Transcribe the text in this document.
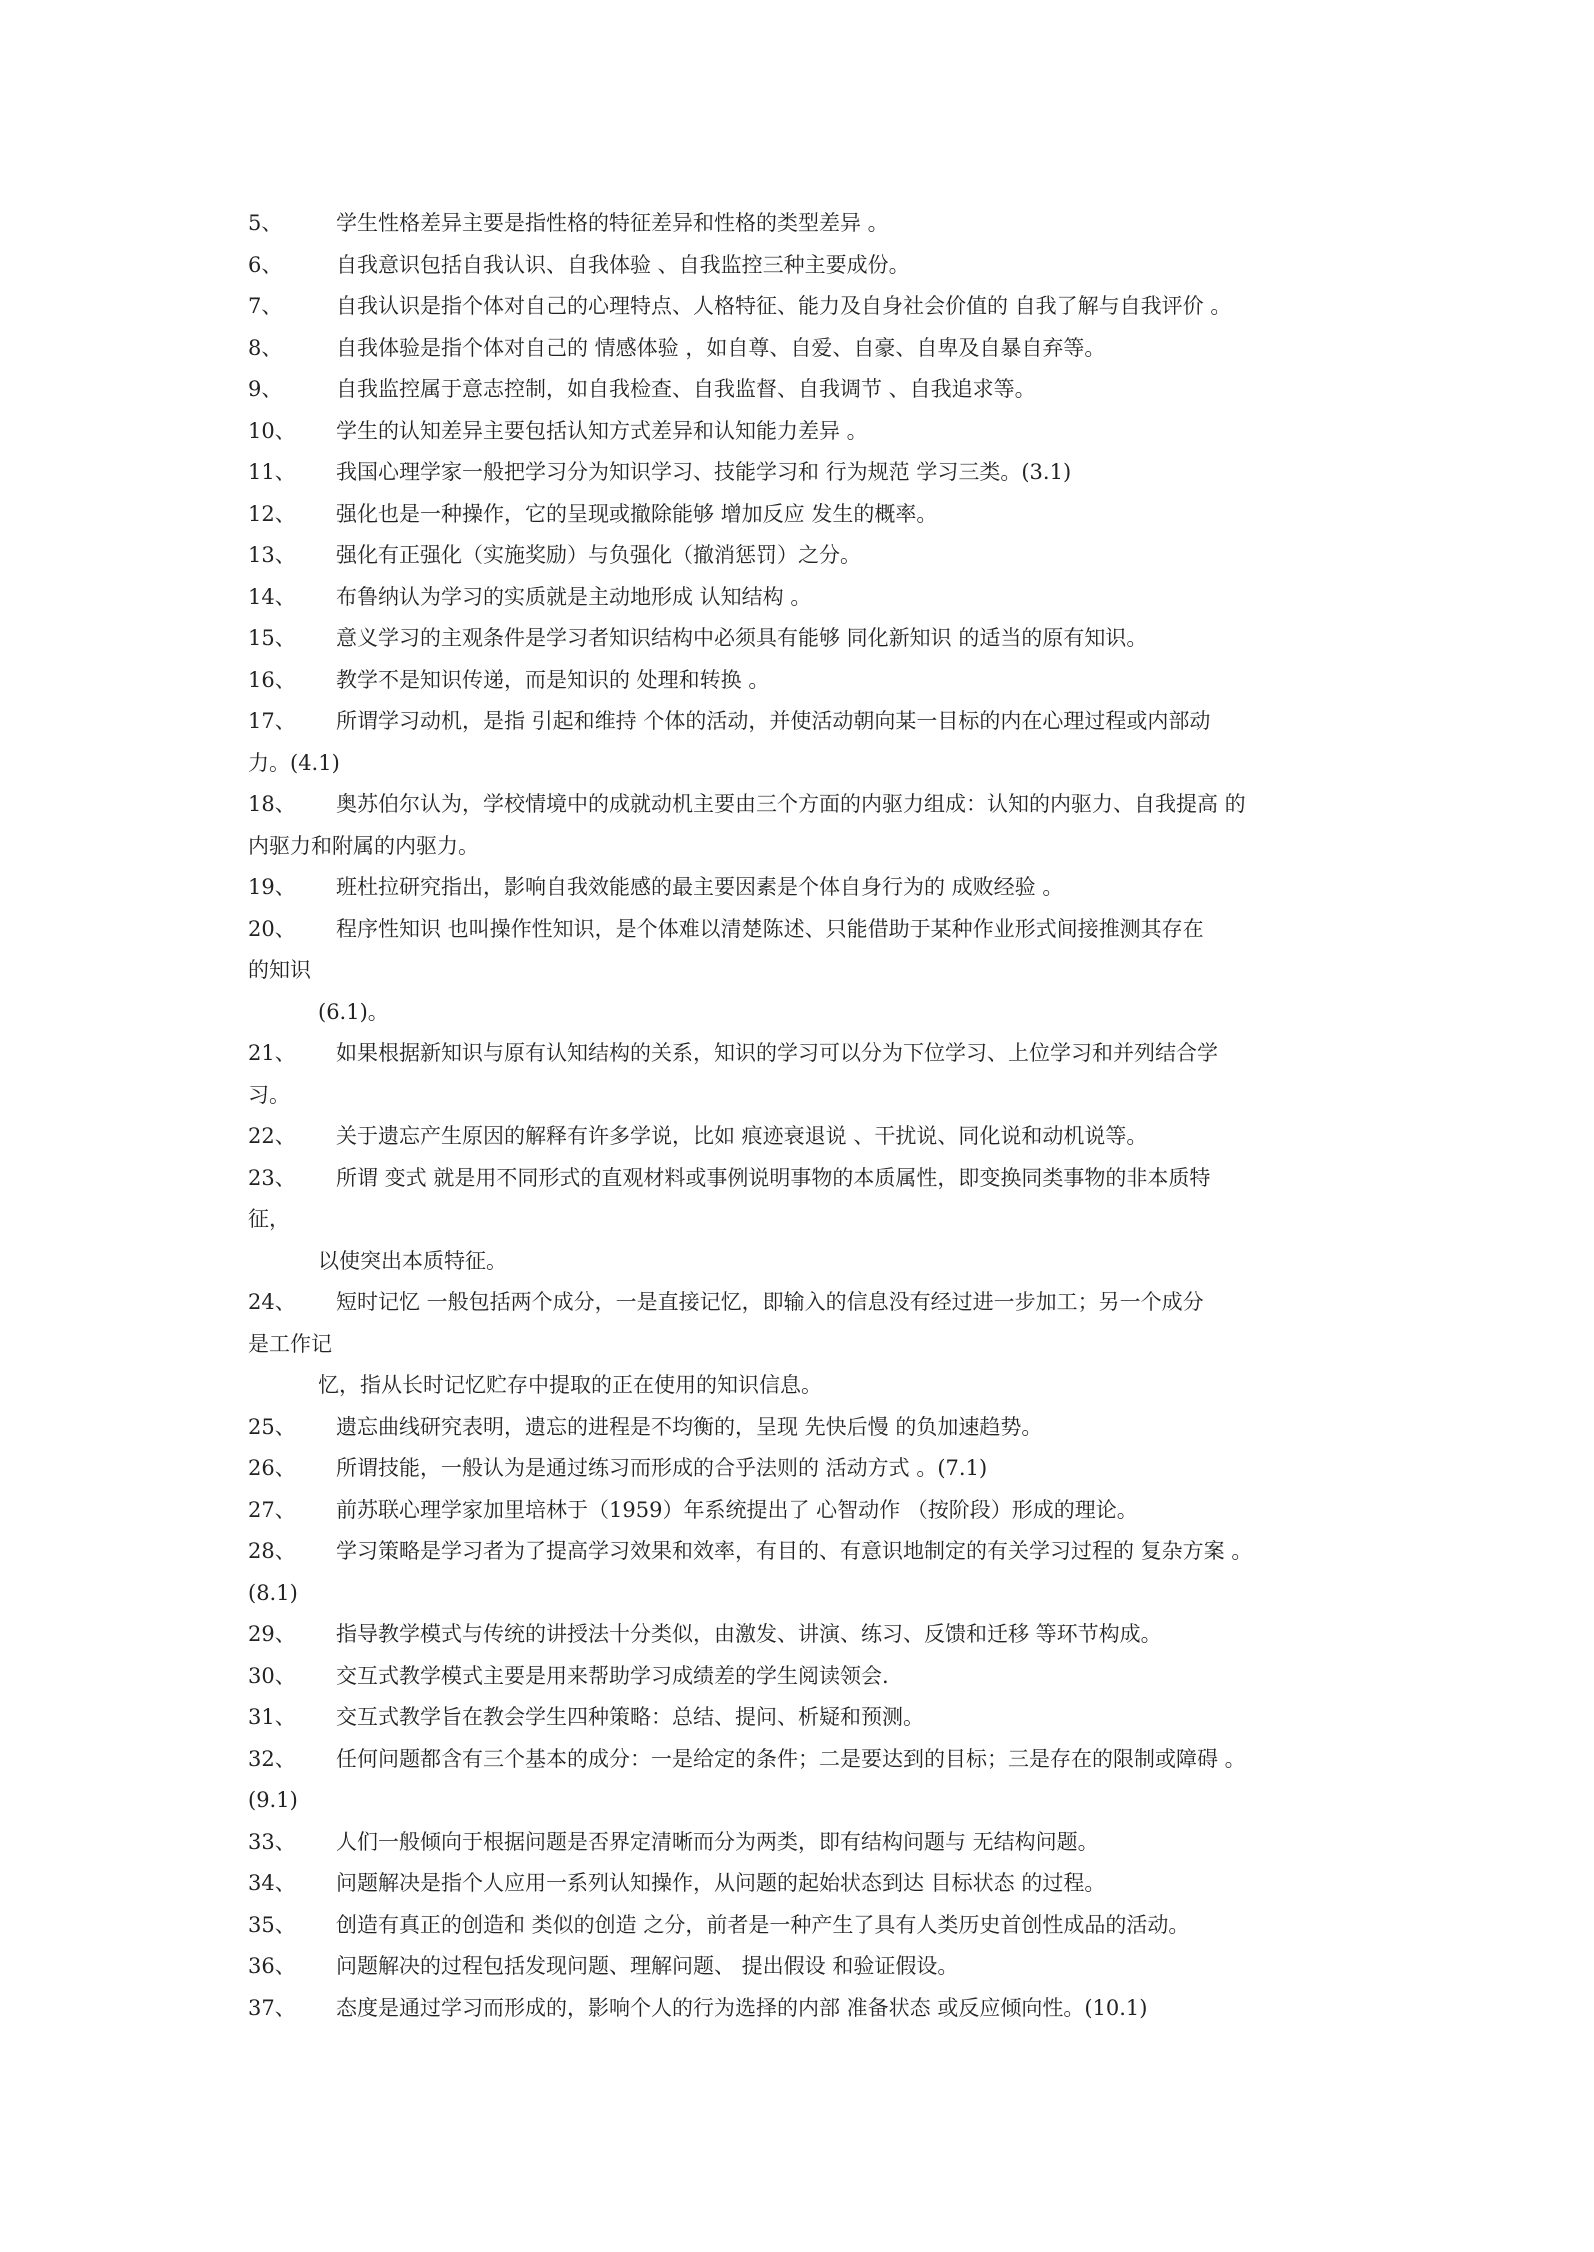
5、	学生性格差异主要是指性格的特征差异和性格的类型差异 。
6、	自我意识包括自我认识、自我体验 、自我监控三种主要成份。
7、	自我认识是指个体对自己的心理特点、人格特征、能力及自身社会价值的 自我了解与自我评价 。
8、	自我体验是指个体对自己的 情感体验 ，如自尊、自爱、自豪、自卑及自暴自弃等。
9、	自我监控属于意志控制，如自我检查、自我监督、自我调节 、自我追求等。
10、 学生的认知差异主要包括认知方式差异和认知能力差异 。
11、 我国心理学家一般把学习分为知识学习、技能学习和 行为规范 学习三类。(3.1)
12、 强化也是一种操作，它的呈现或撤除能够 增加反应 发生的概率。
13、 强化有正强化（实施奖励）与负强化（撤消惩罚）之分。
14、 布鲁纳认为学习的实质就是主动地形成 认知结构 。
15、 意义学习的主观条件是学习者知识结构中必须具有能够 同化新知识 的适当的原有知识。
16、 教学不是知识传递，而是知识的 处理和转换 。
17、 所谓学习动机，是指 引起和维持 个体的活动，并使活动朝向某一目标的内在心理过程或内部动
力。(4.1)
18、 奥苏伯尔认为，学校情境中的成就动机主要由三个方面的内驱力组成：认知的内驱力、自我提高 的
内驱力和附属的内驱力。
19、 班杜拉研究指出，影响自我效能感的最主要因素是个体自身行为的 成败经验 。
20、 程序性知识 也叫操作性知识，是个体难以清楚陈述、只能借助于某种作业形式间接推测其存在
的知识
(6.1)。
21、 如果根据新知识与原有认知结构的关系，知识的学习可以分为下位学习、上位学习和并列结合学
习。
22、 关于遗忘产生原因的解释有许多学说，比如 痕迹衰退说 、干扰说、同化说和动机说等。
23、 所谓 变式 就是用不同形式的直观材料或事例说明事物的本质属性，即变换同类事物的非本质特
征，
以使突出本质特征。
24、 短时记忆 一般包括两个成分，一是直接记忆，即输入的信息没有经过进一步加工；另一个成分
是工作记
忆，指从长时记忆贮存中提取的正在使用的知识信息。
25、 遗忘曲线研究表明，遗忘的进程是不均衡的，呈现 先快后慢 的负加速趋势。
26、 所谓技能，一般认为是通过练习而形成的合乎法则的 活动方式 。(7.1)
27、 前苏联心理学家加里培林于（1959）年系统提出了 心智动作 （按阶段）形成的理论。
28、 学习策略是学习者为了提高学习效果和效率，有目的、有意识地制定的有关学习过程的 复杂方案 。
(8.1)
29、 指导教学模式与传统的讲授法十分类似，由激发、讲演、练习、反馈和迁移 等环节构成。
30、 交互式教学模式主要是用来帮助学习成绩差的学生阅读领会.
31、 交互式教学旨在教会学生四种策略：总结、提问、析疑和预测。
32、 任何问题都含有三个基本的成分：一是给定的条件；二是要达到的目标；三是存在的限制或障碍 。
(9.1)
33、 人们一般倾向于根据问题是否界定清晰而分为两类，即有结构问题与 无结构问题。
34、 问题解决是指个人应用一系列认知操作，从问题的起始状态到达 目标状态 的过程。
35、 创造有真正的创造和 类似的创造 之分，前者是一种产生了具有人类历史首创性成品的活动。
36、 问题解决的过程包括发现问题、理解问题、 提出假设 和验证假设。
37、 态度是通过学习而形成的，影响个人的行为选择的内部 准备状态 或反应倾向性。(10.1)
